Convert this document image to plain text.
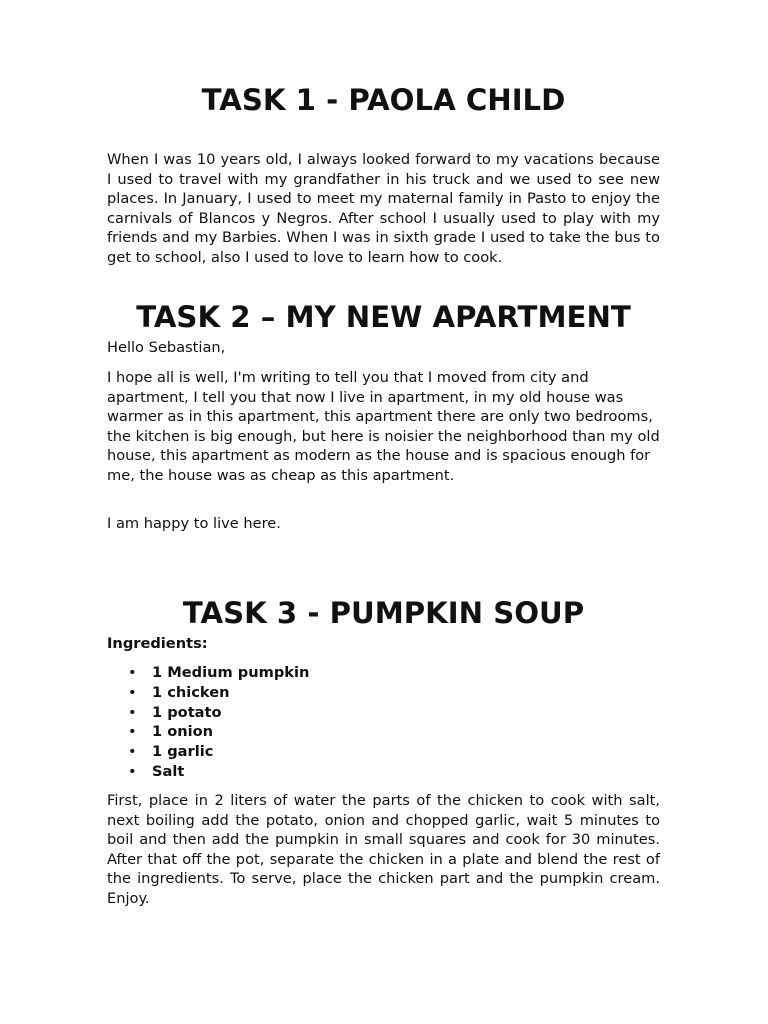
TASK 1 - PAOLA CHILD

When I was 10 years old, I always looked forward to my vacations because I used to travel with my grandfather in his truck and we used to see new places. In January, I used to meet my maternal family in Pasto to enjoy the carnivals of Blancos y Negros. After school I usually used to play with my friends and my Barbies. When I was in sixth grade I used to take the bus to get to school, also I used to love to learn how to cook.

TASK 2 – MY NEW APARTMENT

Hello Sebastian,

I hope all is well, I'm writing to tell you that I moved from city and apartment, I tell you that now I live in apartment, in my old house was warmer as in this apartment, this apartment there are only two bedrooms, the kitchen is big enough, but here is noisier the neighborhood than my old house, this apartment as modern as the house and is spacious enough for me, the house was as cheap as this apartment.

I am happy to live here.

TASK 3 - PUMPKIN SOUP

Ingredients:

• 1 Medium pumpkin
• 1 chicken
• 1 potato
• 1 onion
• 1 garlic
• Salt

First, place in 2 liters of water the parts of the chicken to cook with salt, next boiling add the potato, onion and chopped garlic, wait 5 minutes to boil and then add the pumpkin in small squares and cook for 30 minutes. After that off the pot, separate the chicken in a plate and blend the rest of the ingredients. To serve, place the chicken part and the pumpkin cream. Enjoy.
